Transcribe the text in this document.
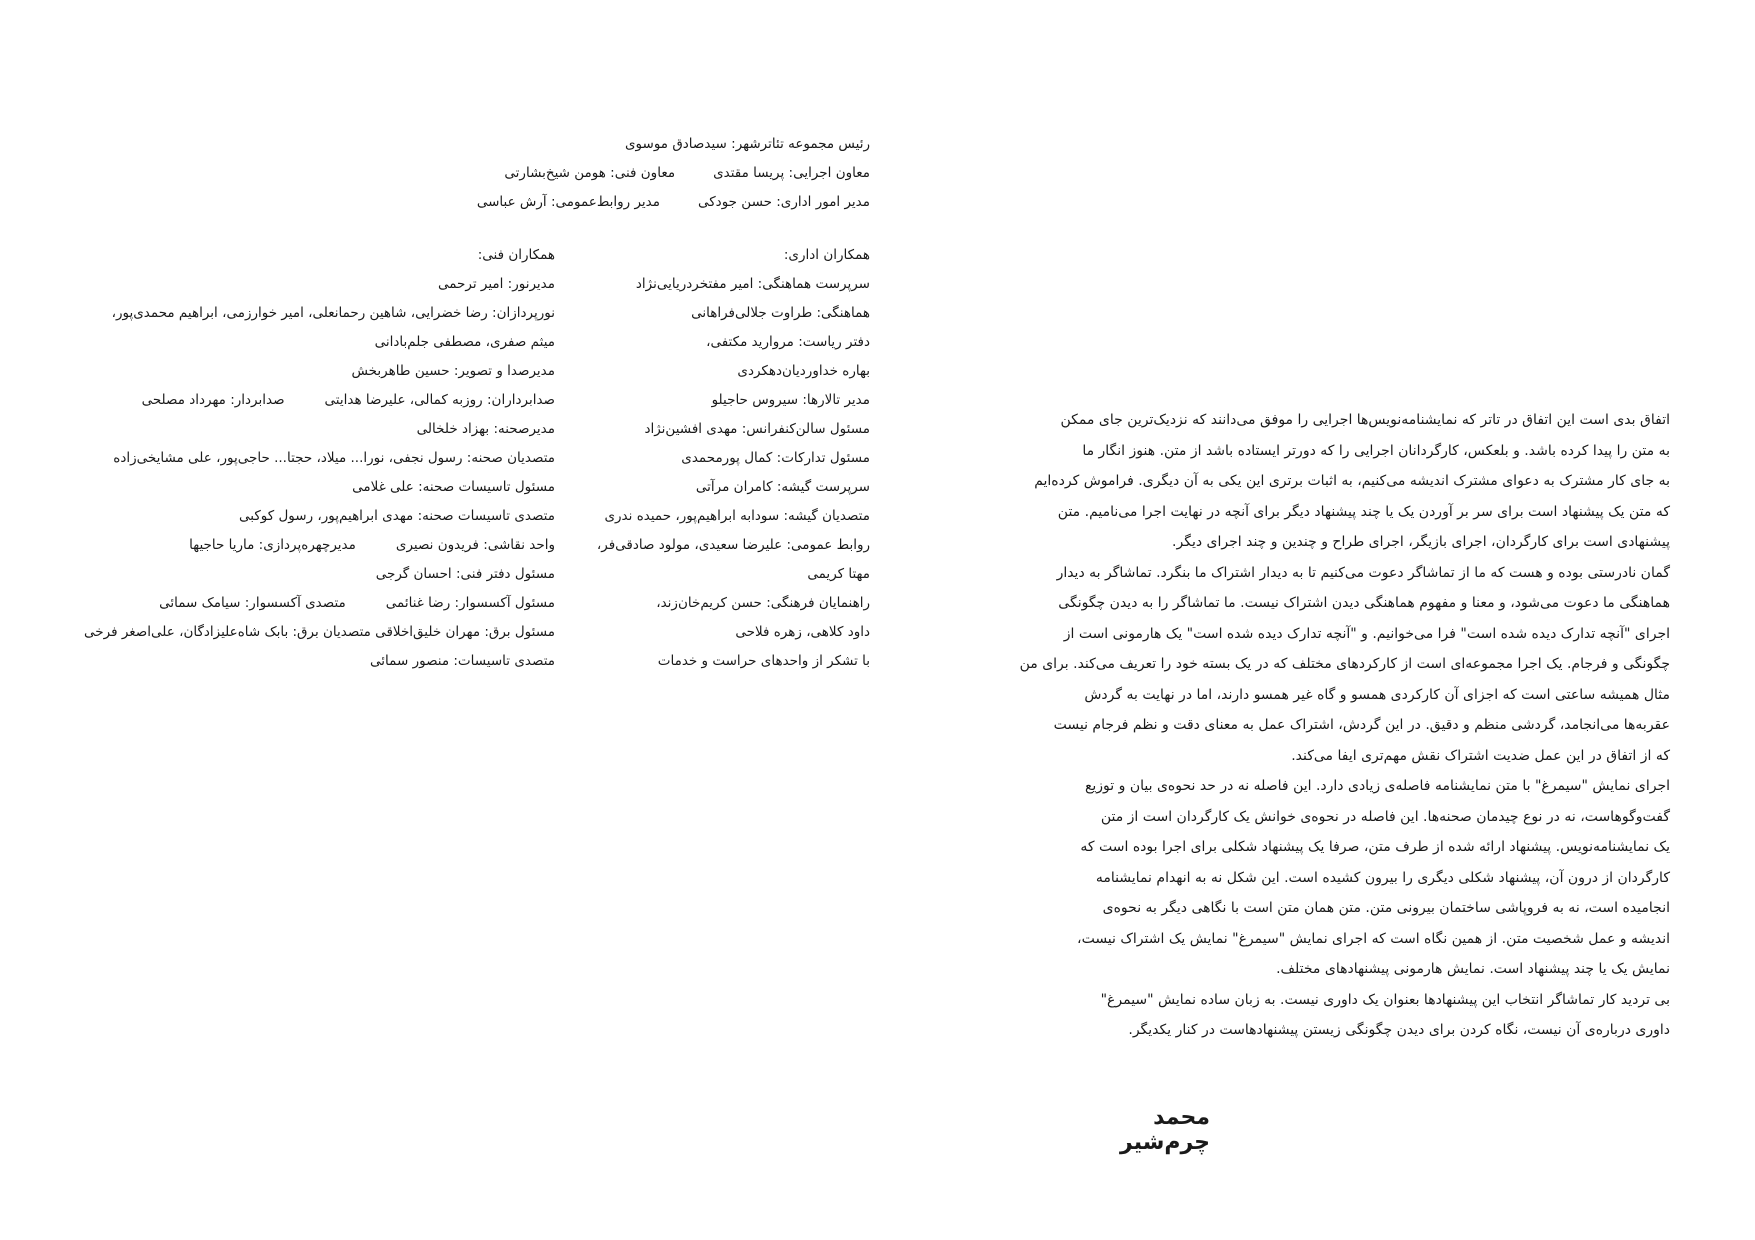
رئیس مجموعه تئاترشهر: سیدصادق موسوی
معاون اجرایی: پریسا مقتدی
معاون فنی: هومن شیخ‌بشارتی
مدیر امور اداری: حسن جودکی
مدیر روابط‌عمومی: آرش عباسی
همکاران اداری:
سرپرست هماهنگی: امیر مفتخردریایی‌نژاد
هماهنگی: طراوت جلالی‌فراهانی
دفتر ریاست: مروارید مکتفی،
بهاره خداوردیان‌دهکردی
مدیر تالارها: سیروس حاجیلو
مسئول سالن‌کنفرانس: مهدی افشین‌نژاد
مسئول تدارکات: کمال پورمحمدی
سرپرست گیشه: کامران مرآتی
متصدیان گیشه: سودابه ابراهیم‌پور، حمیده ندری
روابط عمومی: علیرضا سعیدی، مولود صادقی‌فر،
مهتا کریمی
راهنمایان فرهنگی: حسن کریم‌خان‌زند،
داود کلاهی، زهره فلاحی
با تشکر از واحدهای حراست و خدمات
همکاران فنی:
مدیرنور: امیر ترحمی
نورپردازان: رضا خضرایی، شاهین رحمانعلی، امیر خوارزمی، ابراهیم محمدی‌پور،
میثم صفری، مصطفی جلم‌بادانی
مدیرصدا و تصویر: حسین طاهربخش
صدابرداران: روزبه کمالی، علیرضا هدایتی
صدابردار: مهرداد مصلحی
مدیرصحنه: بهزاد خلخالی
متصدیان صحنه: رسول نجفی، نورا... میلاد، حجتا... حاجی‌پور، علی مشایخی‌زاده
مسئول تاسیسات صحنه: علی غلامی
متصدی تاسیسات صحنه: مهدی ابراهیم‌پور، رسول کوکبی
واحد نقاشی: فریدون نصیری
مدیرچهره‌پردازی: ماریا حاجیها
مسئول دفتر فنی: احسان گرجی
مسئول آکسسوار: رضا غنائمی
متصدی آکسسوار: سیامک سمائی
مسئول برق: مهران خلیق‌اخلاقی متصدیان برق: بابک شاه‌علیزادگان، علی‌اصغر فرخی
متصدی تاسیسات: منصور سمائی
اتفاق بدی است این اتفاق در تاتر که نمایشنامه‌نویس‌ها اجرایی را موفق می‌دانند که نزدیک‌ترین جای ممکن
به متن را پیدا کرده باشد. و بلعکس، کارگردانان اجرایی را که دورتر ایستاده باشد از متن. هنوز انگار ما
به جای کار مشترک به دعوای مشترک اندیشه می‌کنیم، به اثبات برتری این یکی به آن دیگری. فراموش کرده‌ایم
که متن یک پیشنهاد است برای سر بر آوردن یک یا چند پیشنهاد دیگر برای آنچه در نهایت اجرا می‌نامیم. متن
پیشنهادی است برای کارگردان، اجرای بازیگر، اجرای طراح و چندین و چند اجرای دیگر.
گمان نادرستی بوده و هست که ما از تماشاگر دعوت می‌کنیم تا به دیدار اشتراک ما بنگرد. تماشاگر به دیدار
هماهنگی ما دعوت می‌شود، و معنا و مفهوم هماهنگی دیدن اشتراک نیست. ما تماشاگر را به دیدن چگونگی
اجرای "آنچه تدارک دیده شده است" فرا می‌خوانیم. و "آنچه تدارک دیده شده است" یک هارمونی است از
چگونگی و فرجام. یک اجرا مجموعه‌ای است از کارکردهای مختلف که در یک بسته خود را تعریف می‌کند. برای من
مثال همیشه ساعتی است که اجزای آن کارکردی همسو و گاه غیر همسو دارند، اما در نهایت به گردش
عقربه‌ها می‌انجامد، گردشی منظم و دقیق. در این گردش، اشتراک عمل به معنای دقت و نظم فرجام نیست
که از اتفاق در این عمل ضدیت اشتراک نقش مهم‌تری ایفا می‌کند.
اجرای نمایش "سیمرغ" با متن نمایشنامه فاصله‌ی زیادی دارد. این فاصله نه در حد نحوه‌ی بیان و توزیع
گفت‌وگوهاست، نه در نوع چیدمان صحنه‌ها. این فاصله در نحوه‌ی خوانش یک کارگردان است از متن
یک نمایشنامه‌نویس. پیشنهاد ارائه شده از طرف متن، صرفا یک پیشنهاد شکلی برای اجرا بوده است که
کارگردان از درون آن، پیشنهاد شکلی دیگری را بیرون کشیده است. این شکل نه به انهدام نمایشنامه
انجامیده است، نه به فروپاشی ساختمان بیرونی متن. متن همان متن است با نگاهی دیگر به نحوه‌ی
اندیشه و عمل شخصیت متن. از همین نگاه است که اجرای نمایش "سیمرغ" نمایش یک اشتراک نیست،
نمایش یک یا چند پیشنهاد است. نمایش هارمونی پیشنهادهای مختلف.
بی تردید کار تماشاگر انتخاب این پیشنهادها بعنوان یک داوری نیست. به زبان ساده نمایش "سیمرغ"
داوری درباره‌ی آن نیست، نگاه کردن برای دیدن چگونگی زیستن پیشنهادهاست در کنار یکدیگر.
محمد چرم‌شیر
